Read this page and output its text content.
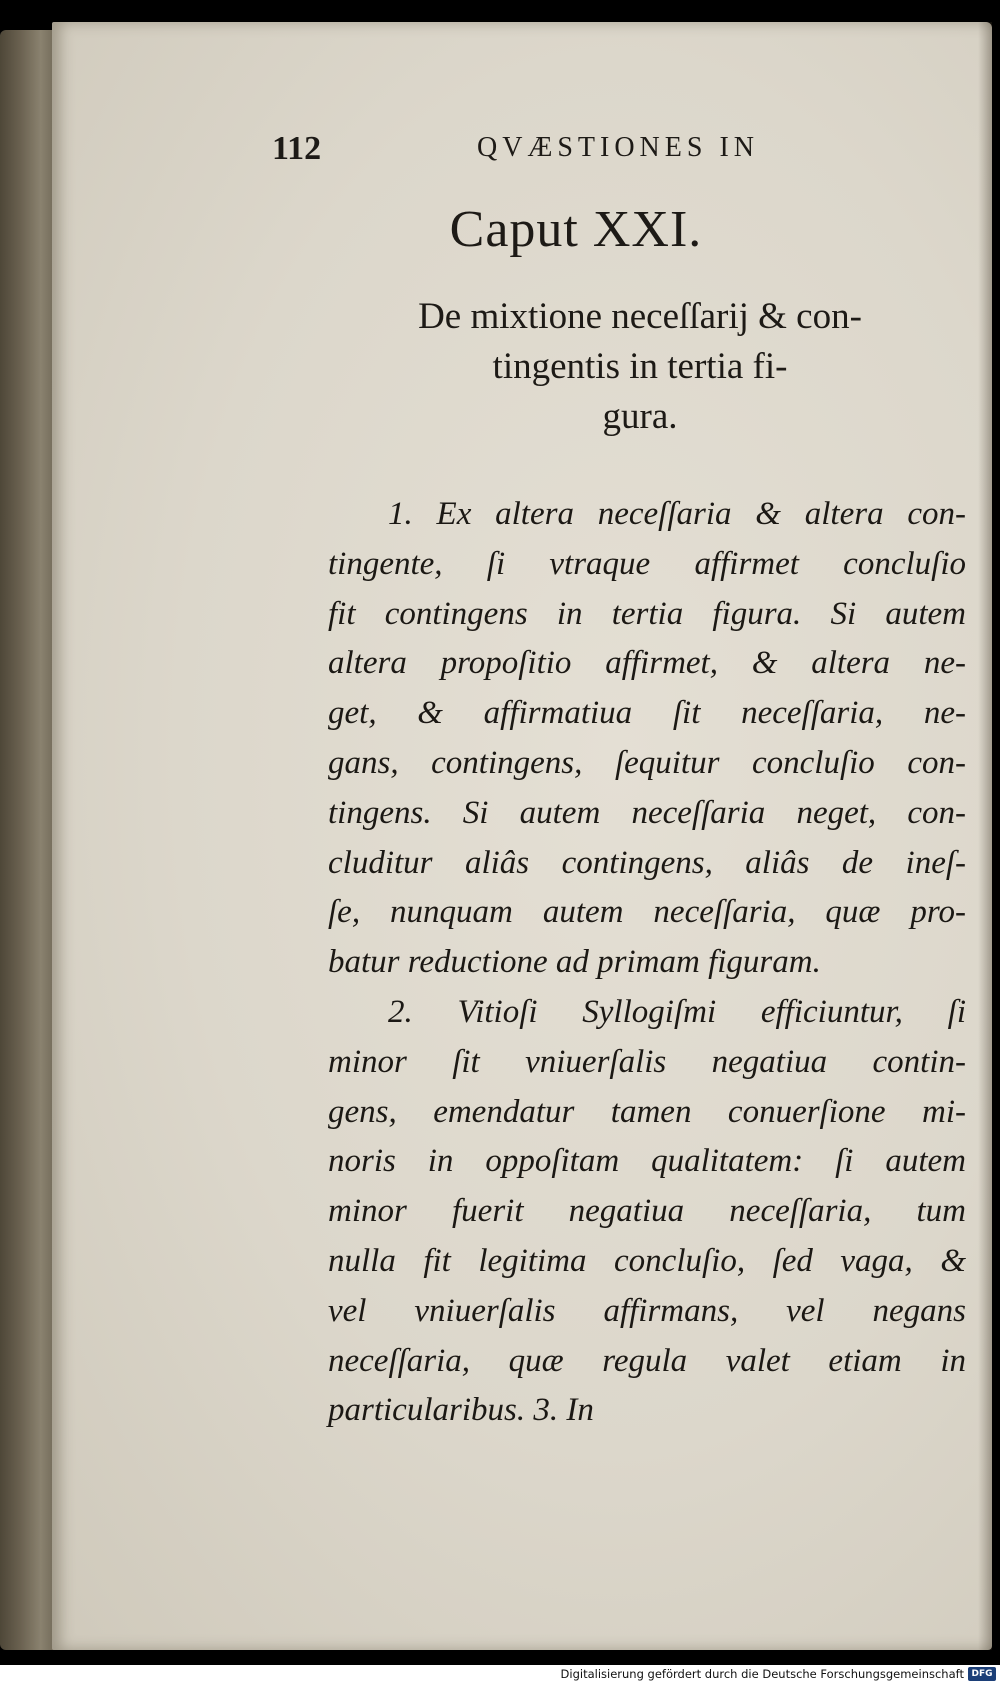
112	QVÆSTIONES IN
Caput XXI.
De mixtione neceſſarij & con-
tingentis in tertia fi-
gura.
1. Ex altera neceſſaria & altera con-
tingente, ſi vtraque affirmet concluſio
fit contingens in tertia figura. Si autem
altera propoſitio affirmet, & altera ne-
get, & affirmatiua ſit neceſſaria, ne-
gans, contingens, ſequitur concluſio con-
tingens. Si autem neceſſaria neget, con-
cluditur aliâs contingens, aliâs de ineſ-
ſe, nunquam autem neceſſaria, quæ pro-
batur reductione ad primam figuram.
2. Vitioſi Syllogiſmi efficiuntur, ſi
minor ſit vniuerſalis negatiua contin-
gens, emendatur tamen conuerſione mi-
noris in oppoſitam qualitatem: ſi autem
minor fuerit negatiua neceſſaria, tum
nulla fit legitima concluſio, ſed vaga, &
vel vniuerſalis affirmans, vel negans
neceſſaria, quæ regula valet etiam in
particularibus. 3. In
Digitalisierung gefördert durch die Deutsche Forschungsgemeinschaft DFG
